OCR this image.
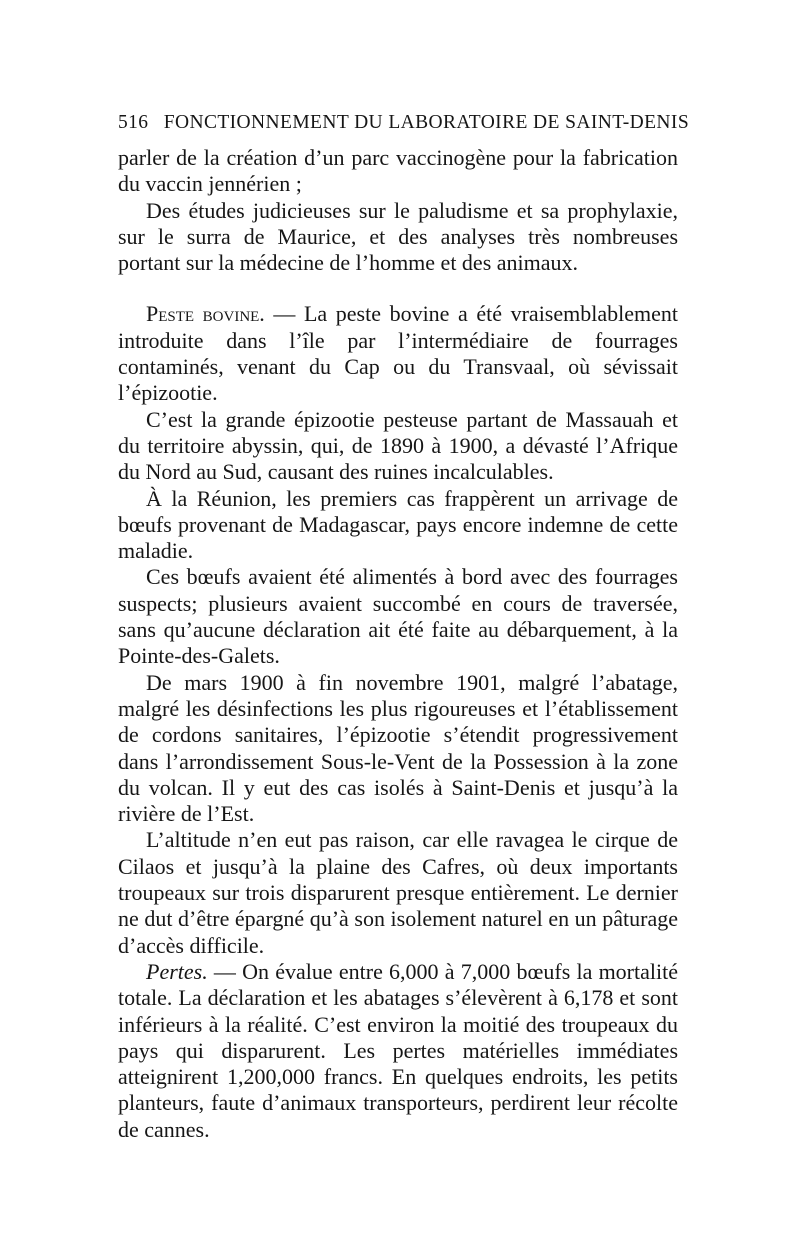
516 FONCTIONNEMENT DU LABORATOIRE DE SAINT-DENIS

parler de la création d’un parc vaccinogène pour la fabrication du vaccin jennérien ;

Des études judicieuses sur le paludisme et sa prophylaxie, sur le surra de Maurice, et des analyses très nombreuses portant sur la médecine de l’homme et des animaux.

Peste bovine. — La peste bovine a été vraisemblablement introduite dans l’île par l’intermédiaire de fourrages contaminés, venant du Cap ou du Transvaal, où sévissait l’épizootie.

C’est la grande épizootie pesteuse partant de Massauah et du territoire abyssin, qui, de 1890 à 1900, a dévasté l’Afrique du Nord au Sud, causant des ruines incalculables.

À la Réunion, les premiers cas frappèrent un arrivage de bœufs provenant de Madagascar, pays encore indemne de cette maladie.

Ces bœufs avaient été alimentés à bord avec des fourrages suspects; plusieurs avaient succombé en cours de traversée, sans qu’aucune déclaration ait été faite au débarquement, à la Pointe-des-Galets.

De mars 1900 à fin novembre 1901, malgré l’abatage, malgré les désinfections les plus rigoureuses et l’établissement de cordons sanitaires, l’épizootie s’étendit progressivement dans l’arrondissement Sous-le-Vent de la Possession à la zone du volcan. Il y eut des cas isolés à Saint-Denis et jusqu’à la rivière de l’Est.

L’altitude n’en eut pas raison, car elle ravagea le cirque de Cilaos et jusqu’à la plaine des Cafres, où deux importants troupeaux sur trois disparurent presque entièrement. Le dernier ne dut d’être épargné qu’à son isolement naturel en un pâturage d’accès difficile.

Pertes. — On évalue entre 6,000 à 7,000 bœufs la mortalité totale. La déclaration et les abatages s’élevèrent à 6,178 et sont inférieurs à la réalité. C’est environ la moitié des troupeaux du pays qui disparurent. Les pertes matérielles immédiates atteignirent 1,200,000 francs. En quelques endroits, les petits planteurs, faute d’animaux transporteurs, perdirent leur récolte de cannes.
